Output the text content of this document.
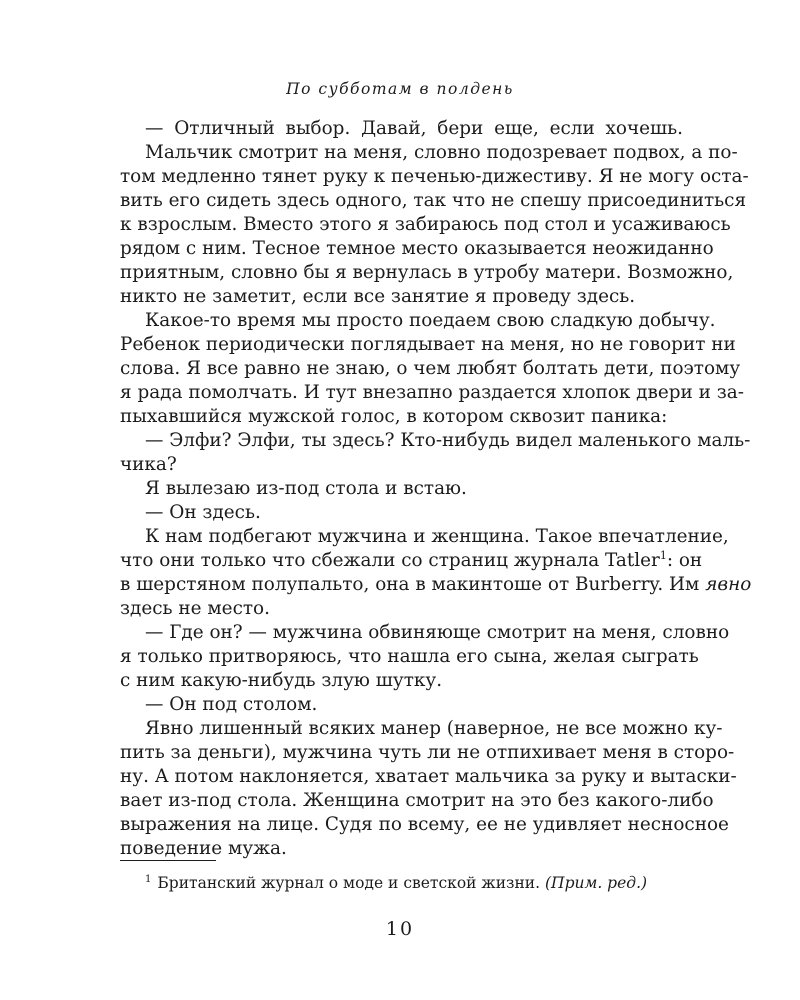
По субботам в полдень
— Отличный выбор. Давай, бери еще, если хочешь.
Мальчик смотрит на меня, словно подозревает подвох, а по-
том медленно тянет руку к печенью-дижестиву. Я не могу оста-
вить его сидеть здесь одного, так что не спешу присоединиться
к взрослым. Вместо этого я забираюсь под стол и усаживаюсь
рядом с ним. Тесное темное место оказывается неожиданно
приятным, словно бы я вернулась в утробу матери. Возможно,
никто не заметит, если все занятие я проведу здесь.
Какое-то время мы просто поедаем свою сладкую добычу.
Ребенок периодически поглядывает на меня, но не говорит ни
слова. Я все равно не знаю, о чем любят болтать дети, поэтому
я рада помолчать. И тут внезапно раздается хлопок двери и за-
пыхавшийся мужской голос, в котором сквозит паника:
— Элфи? Элфи, ты здесь? Кто-нибудь видел маленького маль-
чика?
Я вылезаю из-под стола и встаю.
— Он здесь.
К нам подбегают мужчина и женщина. Такое впечатление,
что они только что сбежали со страниц журнала Tatler$^1$: он
в шерстяном полупальто, она в макинтоше от Burberry. Им явно
здесь не место.
— Где он? — мужчина обвиняюще смотрит на меня, словно
я только притворяюсь, что нашла его сына, желая сыграть
с ним какую-нибудь злую шутку.
— Он под столом.
Явно лишенный всяких манер (наверное, не все можно ку-
пить за деньги), мужчина чуть ли не отпихивает меня в сторо-
ну. А потом наклоняется, хватает мальчика за руку и вытаски-
вает из-под стола. Женщина смотрит на это без какого-либо
выражения на лице. Судя по всему, ее не удивляет несносное
поведение мужа.
$^1$ Британский журнал о моде и светской жизни. (Прим. ред.)
10
